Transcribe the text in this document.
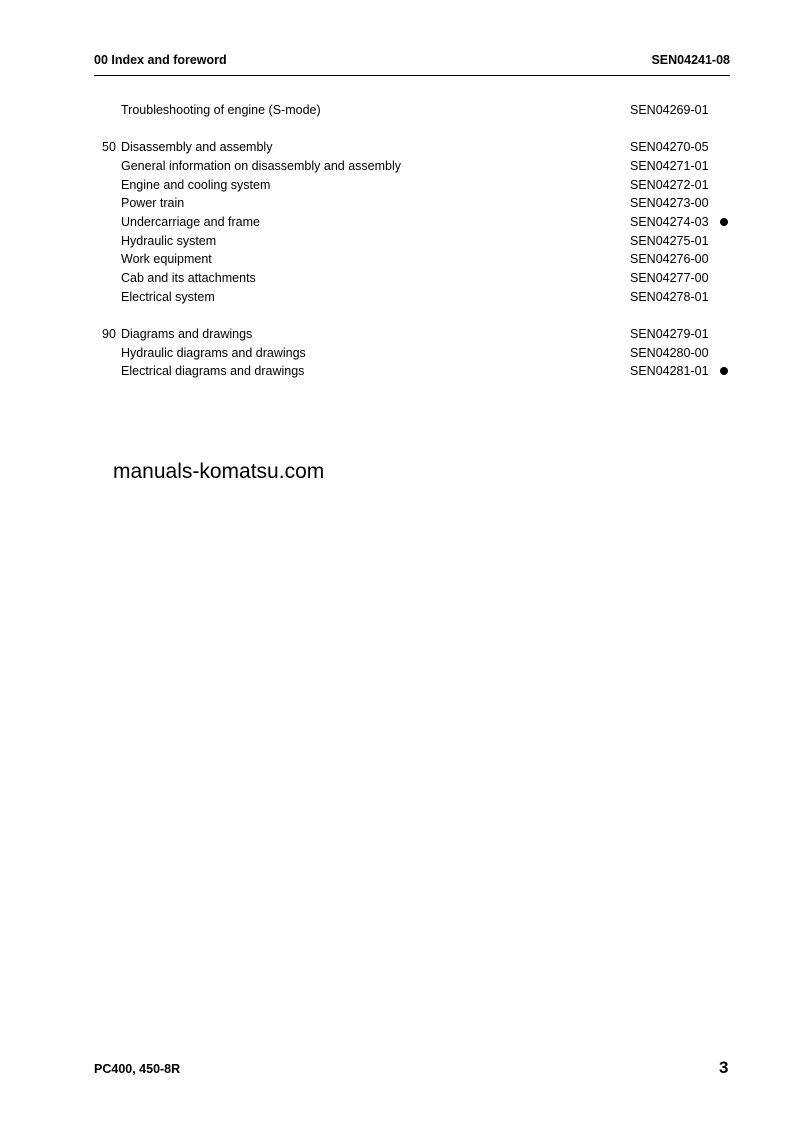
00 Index and foreword	SEN04241-08
Troubleshooting of engine (S-mode)	SEN04269-01
50 Disassembly and assembly	SEN04270-05
General information on disassembly and assembly	SEN04271-01
Engine and cooling system	SEN04272-01
Power train	SEN04273-00
Undercarriage and frame	SEN04274-03
Hydraulic system	SEN04275-01
Work equipment	SEN04276-00
Cab and its attachments	SEN04277-00
Electrical system	SEN04278-01
90 Diagrams and drawings	SEN04279-01
Hydraulic diagrams and drawings	SEN04280-00
Electrical diagrams and drawings	SEN04281-01
manuals-komatsu.com
PC400, 450-8R	3
